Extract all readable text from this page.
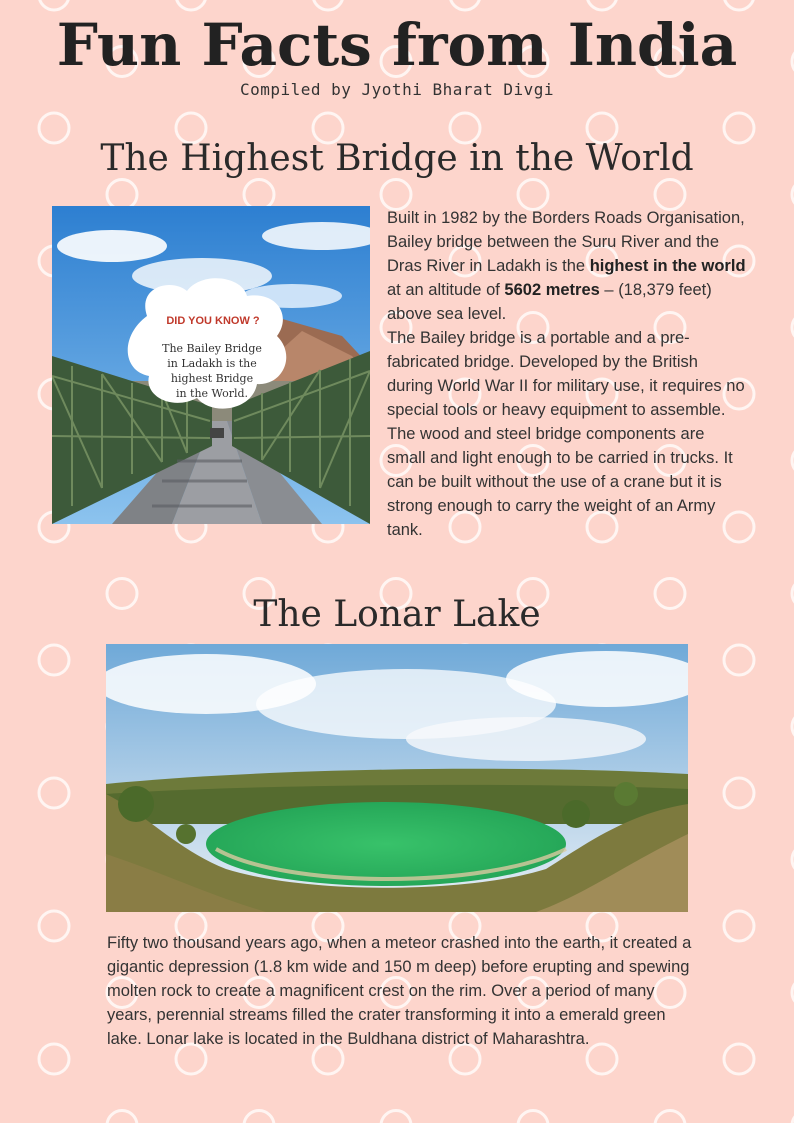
Fun Facts from India
Compiled by Jyothi Bharat Divgi
The Highest Bridge in the World
DID YOU KNOW ?
The Bailey Bridge
in Ladakh is the
highest Bridge
in the World.

Built in 1982 by the Borders Roads Organisation, Bailey bridge between the Suru River and the Dras River in Ladakh is the highest in the world at an altitude of 5602 metres – (18,379 feet) above sea level.
The Bailey bridge is a portable and a pre-fabricated bridge. Developed by the British during World War II for military use, it requires no special tools or heavy equipment to assemble. The wood and steel bridge components are small and light enough to be carried in trucks. It can be built without the use of a crane but it is strong enough to carry the weight of an Army tank.

The Lonar Lake

Fifty two thousand years ago, when a meteor crashed into the earth, it created a gigantic depression (1.8 km wide and 150 m deep) before erupting and spewing molten rock to create a magnificent crest on the rim. Over a period of many years, perennial streams filled the crater transforming it into a emerald green lake. Lonar lake is located in the Buldhana district of Maharashtra.
